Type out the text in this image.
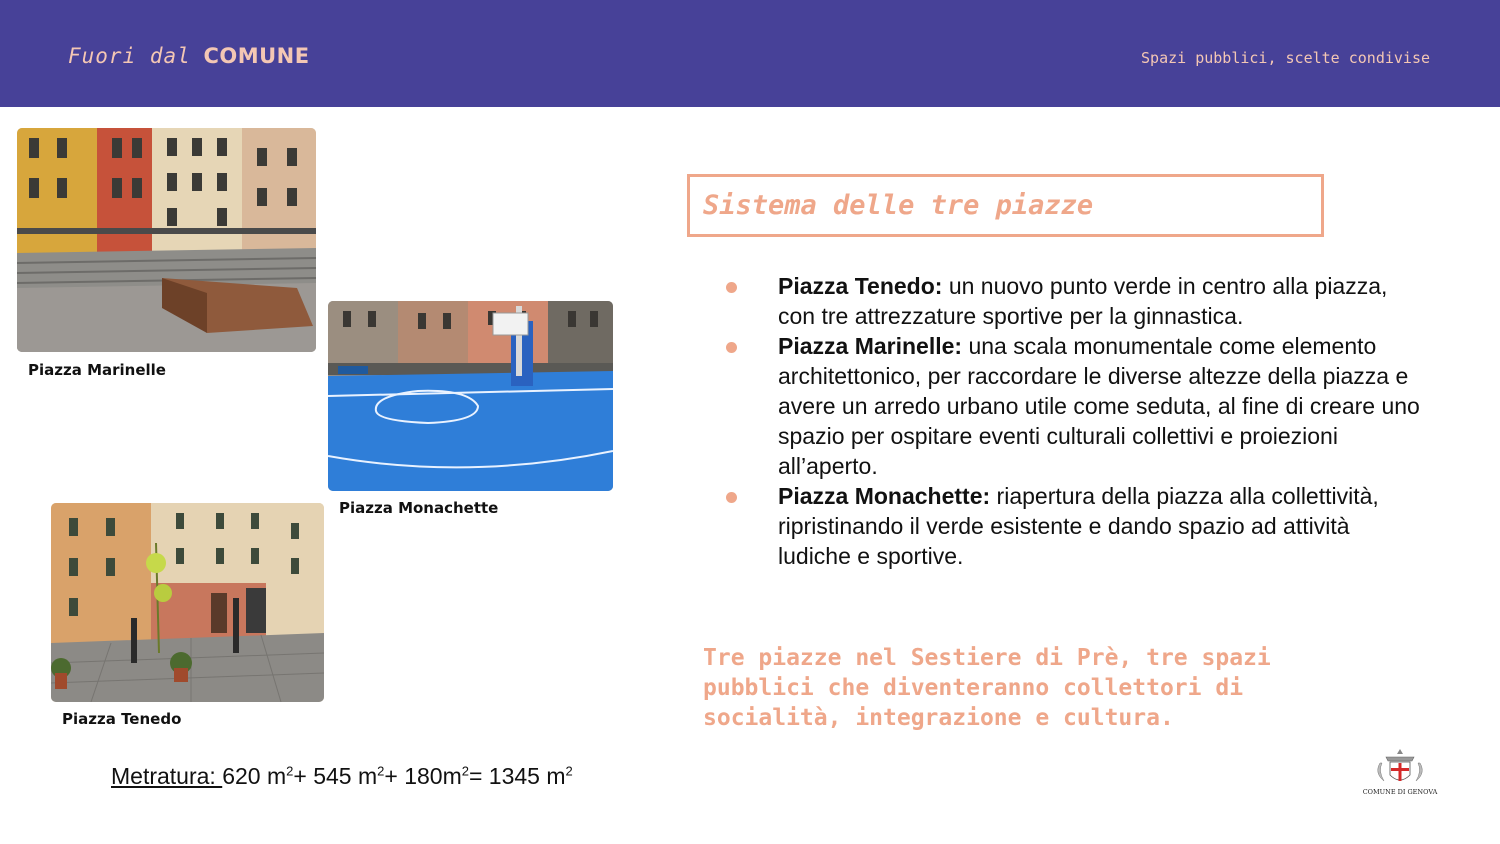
Fuori dal COMUNE	Spazi pubblici, scelte condivise
Piazza Marinelle
Piazza Monachette
Piazza Tenedo
Sistema delle tre piazze
Piazza Tenedo: un nuovo punto verde in centro alla piazza, con tre attrezzature sportive per la ginnastica.
Piazza Marinelle: una scala monumentale come elemento architettonico, per raccordare le diverse altezze della piazza e avere un arredo urbano utile come seduta, al fine di creare uno spazio per ospitare eventi culturali collettivi e proiezioni all’aperto.
Piazza Monachette: riapertura della piazza alla collettività, ripristinando il verde esistente e dando spazio ad attività ludiche e sportive.
Tre piazze nel Sestiere di Prè, tre spazi pubblici che diventeranno collettori di socialità, integrazione e cultura.
Metratura: 620 $m^2+ 545$ $m^2+ 180m^2= 1345$ $m^2$
COMUNE DI GENOVA
